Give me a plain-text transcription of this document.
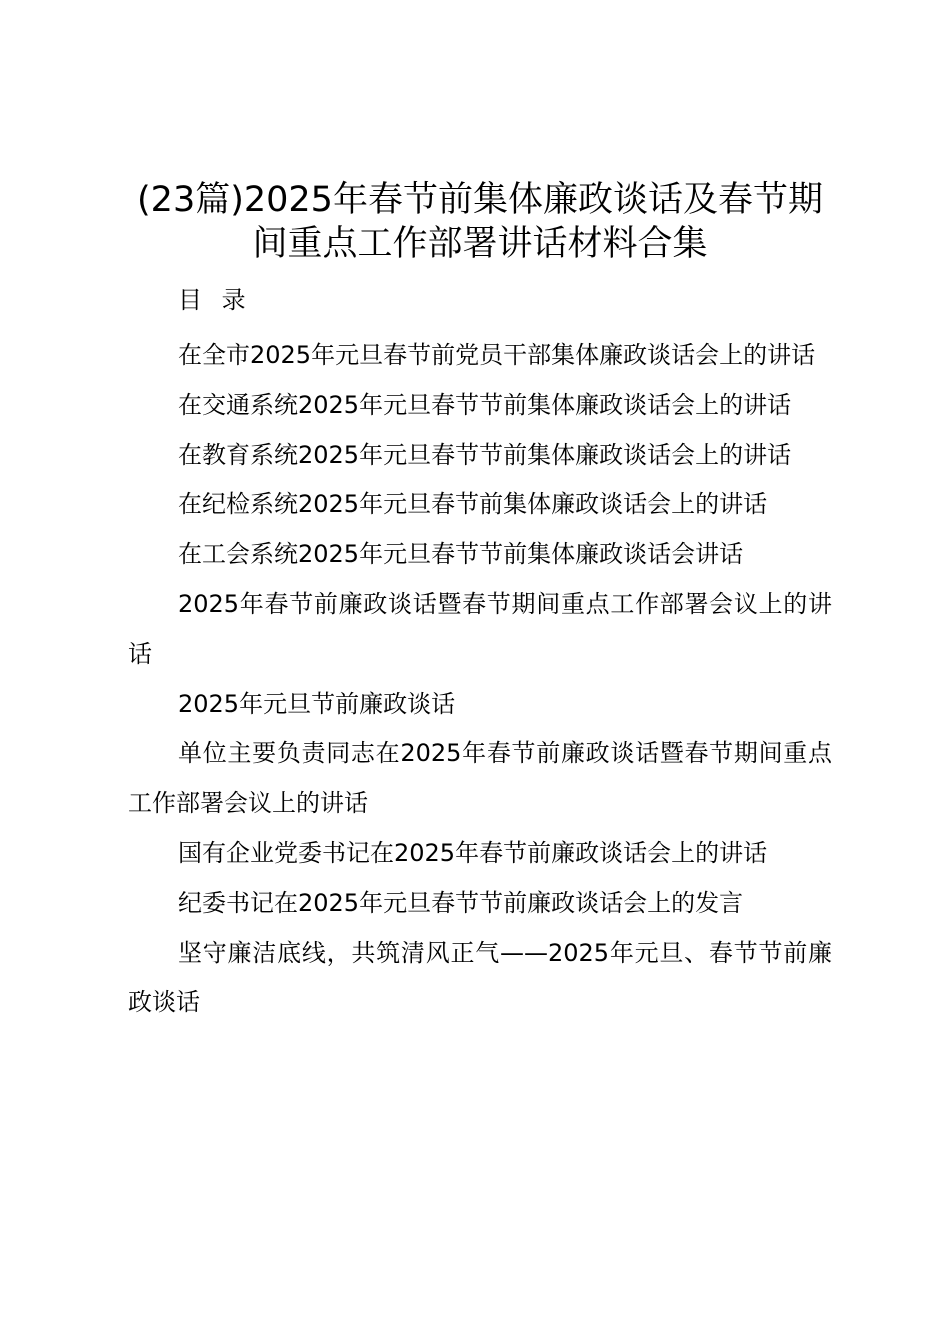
(23篇)2025年春节前集体廉政谈话及春节期间重点工作部署讲话材料合集
目 录
在全市2025年元旦春节前党员干部集体廉政谈话会上的讲话
在交通系统2025年元旦春节节前集体廉政谈话会上的讲话
在教育系统2025年元旦春节节前集体廉政谈话会上的讲话
在纪检系统2025年元旦春节前集体廉政谈话会上的讲话
在工会系统2025年元旦春节节前集体廉政谈话会讲话
2025年春节前廉政谈话暨春节期间重点工作部署会议上的讲话
2025年元旦节前廉政谈话
单位主要负责同志在2025年春节前廉政谈话暨春节期间重点工作部署会议上的讲话
国有企业党委书记在2025年春节前廉政谈话会上的讲话
纪委书记在2025年元旦春节节前廉政谈话会上的发言
坚守廉洁底线，共筑清风正气——2025年元旦、春节节前廉政谈话
